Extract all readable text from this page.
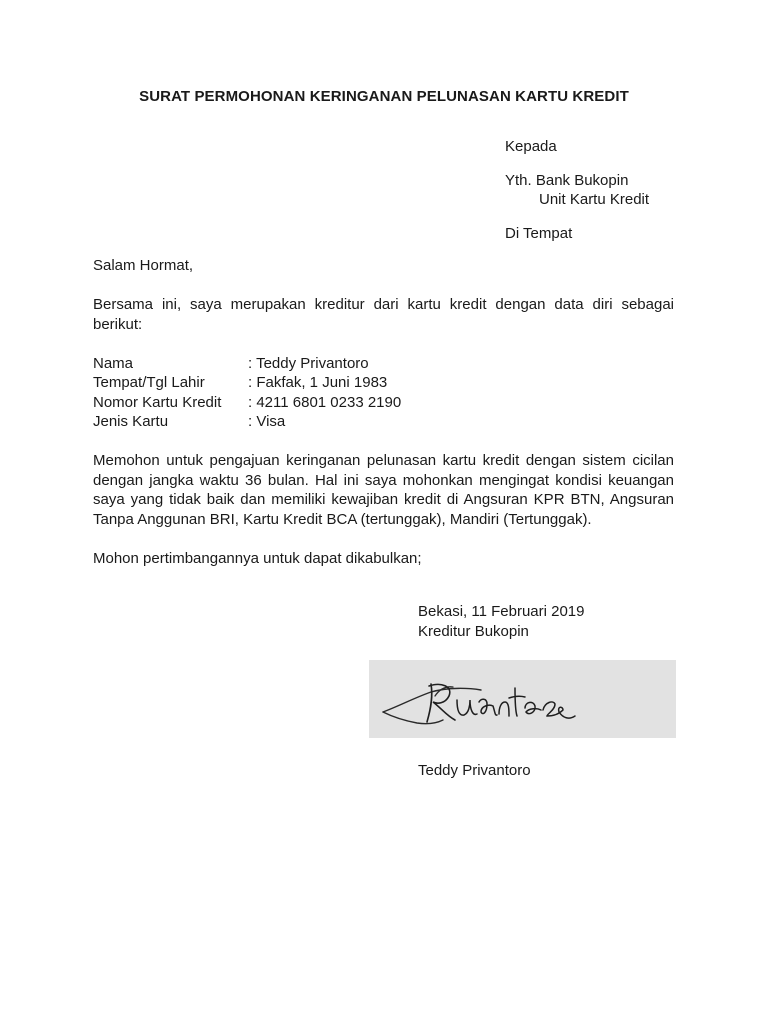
SURAT PERMOHONAN KERINGANAN PELUNASAN KARTU KREDIT
Kepada
Yth. Bank Bukopin
Unit Kartu Kredit
Di Tempat

Salam Hormat,

Bersama ini, saya merupakan kreditur dari kartu kredit dengan data diri sebagai berikut:

Nama	: Teddy Privantoro
Tempat/Tgl Lahir	: Fakfak, 1 Juni 1983
Nomor Kartu Kredit	: 4211 6801 0233 2190
Jenis Kartu	: Visa

Memohon untuk pengajuan keringanan pelunasan kartu kredit dengan sistem cicilan dengan jangka waktu 36 bulan. Hal ini saya mohonkan mengingat kondisi keuangan saya yang tidak baik dan memiliki kewajiban kredit di Angsuran KPR BTN, Angsuran Tanpa Anggunan BRI, Kartu Kredit BCA (tertunggak), Mandiri (Tertunggak).

Mohon pertimbangannya untuk dapat dikabulkan;

Bekasi, 11 Februari 2019
Kreditur Bukopin
Teddy Privantoro
